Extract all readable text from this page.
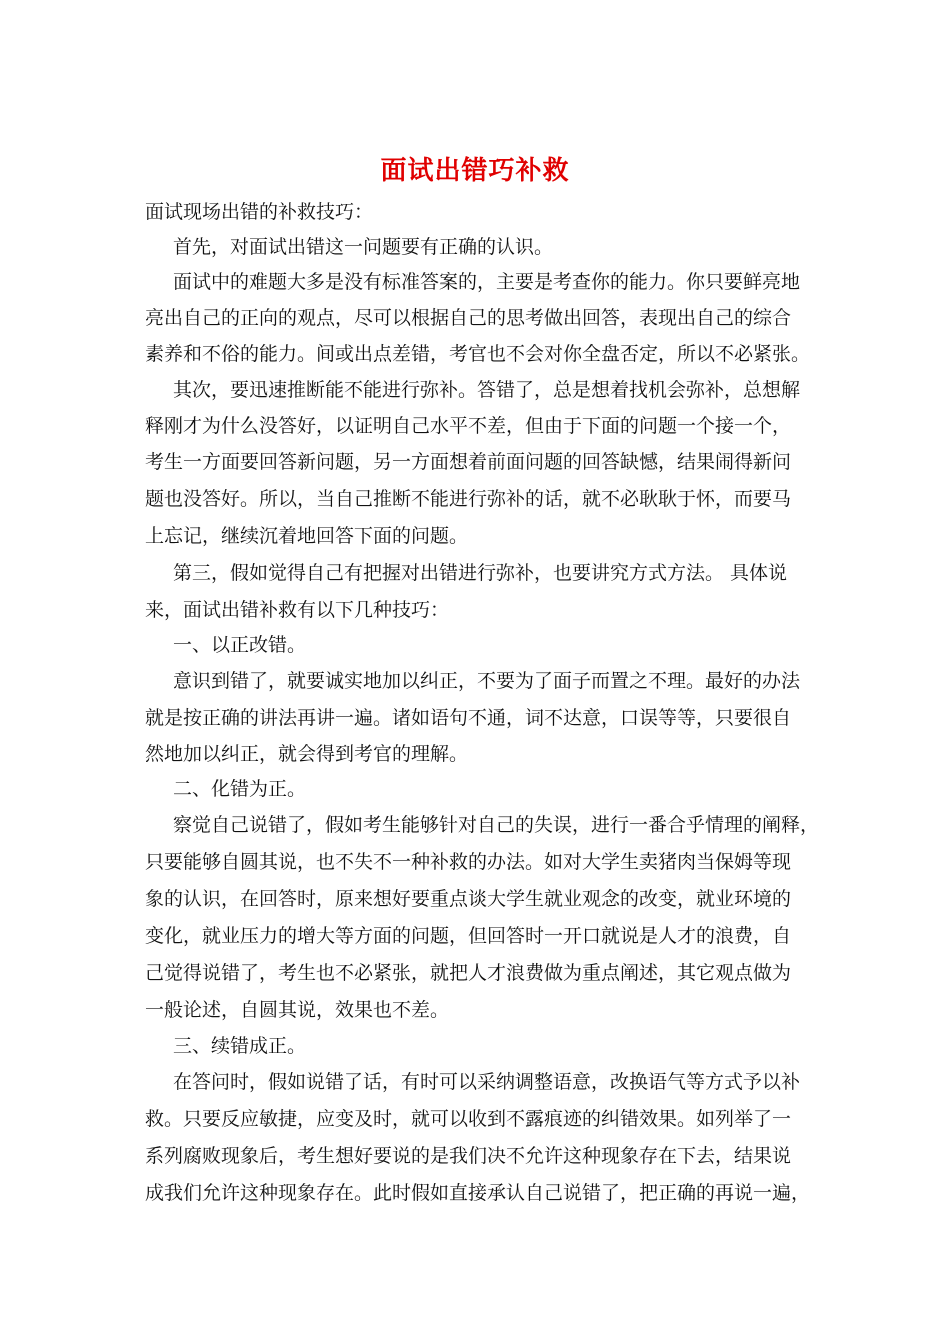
面试出错巧补救
面试现场出错的补救技巧：
首先，对面试出错这一问题要有正确的认识。
面试中的难题大多是没有标准答案的，主要是考查你的能力。你只要鲜亮地
亮出自己的正向的观点，尽可以根据自己的思考做出回答，表现出自己的综合
素养和不俗的能力。间或出点差错，考官也不会对你全盘否定，所以不必紧张。
其次，要迅速推断能不能进行弥补。答错了，总是想着找机会弥补，总想解
释刚才为什么没答好，以证明自己水平不差，但由于下面的问题一个接一个，
考生一方面要回答新问题，另一方面想着前面问题的回答缺憾，结果闹得新问
题也没答好。所以，当自己推断不能进行弥补的话，就不必耿耿于怀，而要马
上忘记，继续沉着地回答下面的问题。
第三，假如觉得自己有把握对出错进行弥补，也要讲究方式方法。 具体说
来，面试出错补救有以下几种技巧：
一、以正改错。
意识到错了，就要诚实地加以纠正，不要为了面子而置之不理。最好的办法
就是按正确的讲法再讲一遍。诸如语句不通，词不达意，口误等等，只要很自
然地加以纠正，就会得到考官的理解。
二、化错为正。
察觉自己说错了，假如考生能够针对自己的失误，进行一番合乎情理的阐释，
只要能够自圆其说，也不失不一种补救的办法。如对大学生卖猪肉当保姆等现
象的认识，在回答时，原来想好要重点谈大学生就业观念的改变，就业环境的
变化，就业压力的增大等方面的问题，但回答时一开口就说是人才的浪费，自
己觉得说错了，考生也不必紧张，就把人才浪费做为重点阐述，其它观点做为
一般论述，自圆其说，效果也不差。
三、续错成正。
在答问时，假如说错了话，有时可以采纳调整语意，改换语气等方式予以补
救。只要反应敏捷，应变及时，就可以收到不露痕迹的纠错效果。如列举了一
系列腐败现象后，考生想好要说的是我们决不允许这种现象存在下去，结果说
成我们允许这种现象存在。此时假如直接承认自己说错了，把正确的再说一遍，
